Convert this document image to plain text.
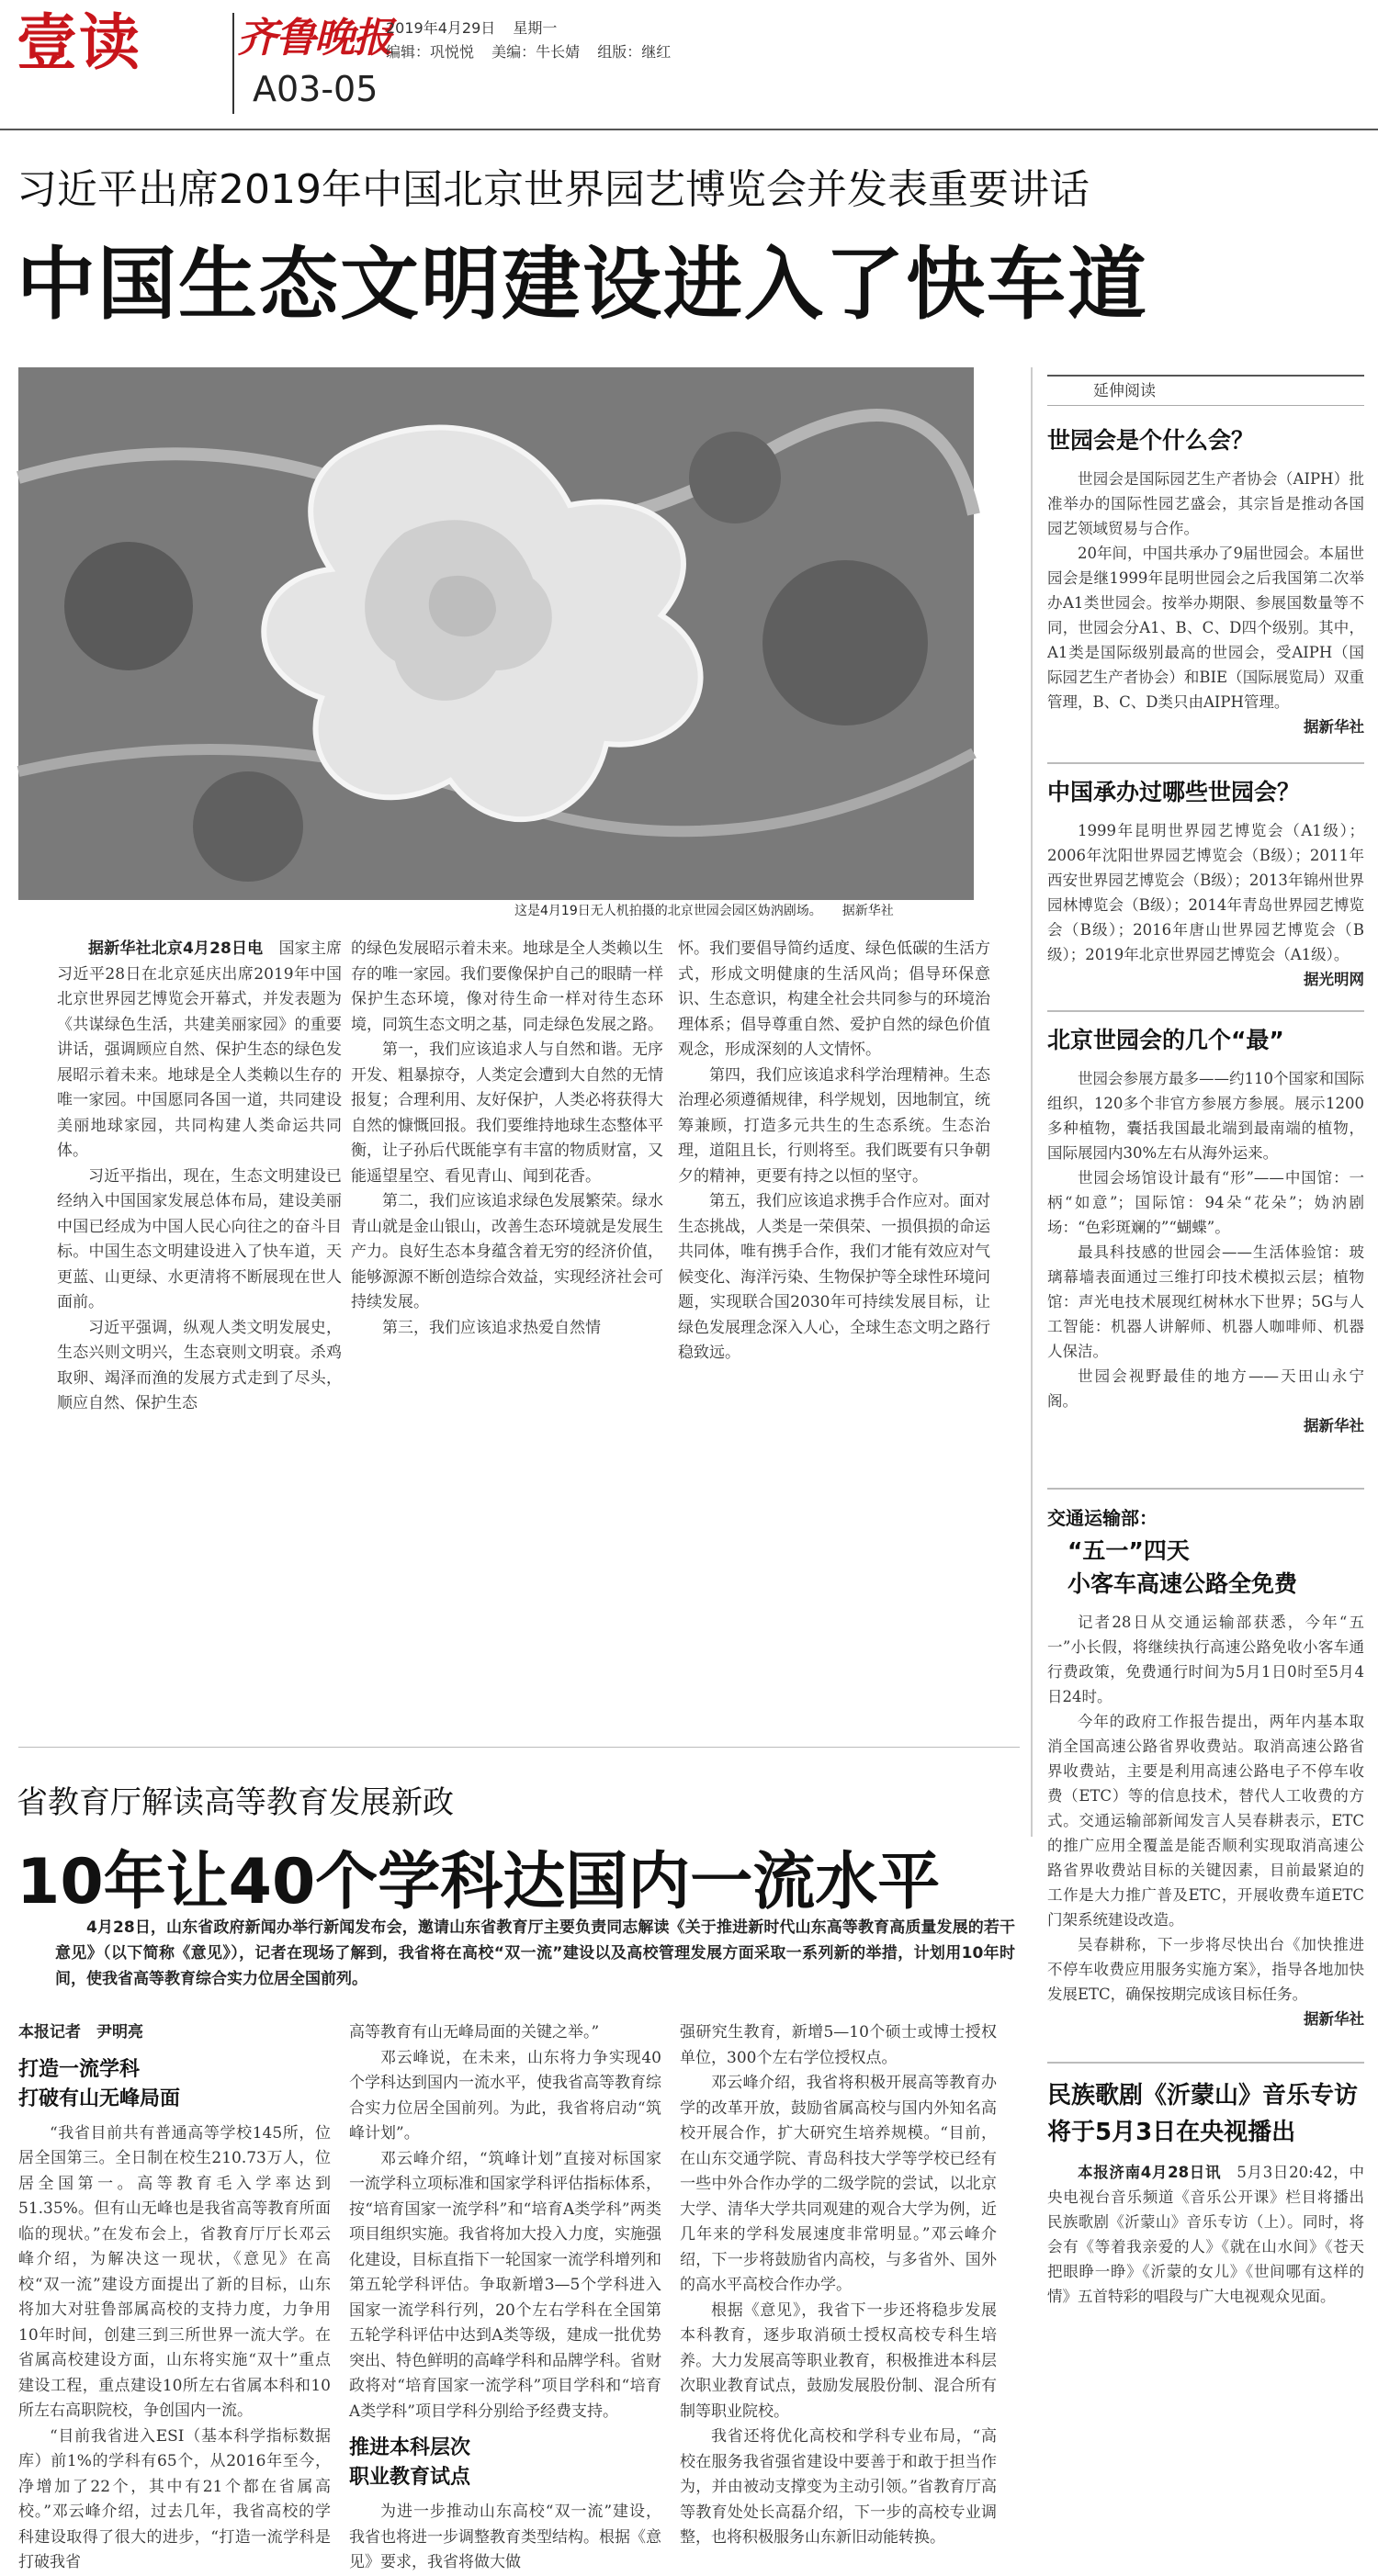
壹读 齐鲁晚报
A03-05
2019年4月29日 星期一
编辑：巩悦悦 美编：牛长婧 组版：继红
习近平出席2019年中国北京世界园艺博览会并发表重要讲话
中国生态文明建设进入了快车道
这是4月19日无人机拍摄的北京世园会园区妫汭剧场。 据新华社

据新华社北京4月28日电　 国家主席习近平28日在北京延庆出席2019年中国北京世界园艺博览会开幕式，并发表题为《共谋绿色生活，共建美丽家园》的重要讲话，强调顾应自然、保护生态的绿色发展昭示着未来。地球是全人类赖以生存的唯一家园。中国愿同各国一道，共同建设美丽地球家园，共同构建人类命运共同体。

习近平指出，现在，生态文明建设已经纳入中国国家发展总体布局，建设美丽中国已经成为中国人民心向往之的奋斗目标。中国生态文明建设进入了快车道，天更蓝、山更绿、水更清将不断展现在世人面前。

习近平强调，纵观人类文明发展史，生态兴则文明兴，生态衰则文明衰。杀鸡取卵、竭泽而渔的发展方式走到了尽头，顺应自然、保护生态

的绿色发展昭示着未来。地球是全人类赖以生存的唯一家园。我们要像保护自己的眼睛一样保护生态环境，像对待生命一样对待生态环境，同筑生态文明之基，同走绿色发展之路。

第一，我们应该追求人与自然和谐。无序开发、粗暴掠夺，人类定会遭到大自然的无情报复；合理利用、友好保护，人类必将获得大自然的慷慨回报。我们要维持地球生态整体平衡，让子孙后代既能享有丰富的物质财富，又能遥望星空、看见青山、闻到花香。

第二，我们应该追求绿色发展繁荣。绿水青山就是金山银山，改善生态环境就是发展生产力。良好生态本身蕴含着无穷的经济价值，能够源源不断创造综合效益，实现经济社会可持续发展。

第三，我们应该追求热爱自然情

怀。我们要倡导简约适度、绿色低碳的生活方式，形成文明健康的生活风尚；倡导环保意识、生态意识，构建全社会共同参与的环境治理体系；倡导尊重自然、爱护自然的绿色价值观念，形成深刻的人文情怀。

第四，我们应该追求科学治理精神。生态治理必须遵循规律，科学规划，因地制宜，统筹兼顾，打造多元共生的生态系统。生态治理，道阻且长，行则将至。我们既要有只争朝夕的精神，更要有持之以恒的坚守。

第五，我们应该追求携手合作应对。面对生态挑战，人类是一荣俱荣、一损俱损的命运共同体，唯有携手合作，我们才能有效应对气候变化、海洋污染、生物保护等全球性环境问题，实现联合国2030年可持续发展目标，让绿色发展理念深入人心，全球生态文明之路行稳致远。

延伸阅读
世园会是个什么会？

世园会是国际园艺生产者协会（AIPH）批准举办的国际性园艺盛会，其宗旨是推动各国园艺领域贸易与合作。

20年间，中国共承办了9届世园会。本届世园会是继1999年昆明世园会之后我国第二次举办A1类世园会。按举办期限、参展国数量等不同，世园会分A1、B、C、D四个级别。其中，A1类是国际级别最高的世园会，受AIPH（国际园艺生产者协会）和BIE（国际展览局）双重管理，B、C、D类只由AIPH管理。

据新华社
中国承办过哪些世园会？

1999年昆明世界园艺博览会（A1级）；2006年沈阳世界园艺博览会（B级）；2011年西安世界园艺博览会（B级）；2013年锦州世界园林博览会（B级）；2014年青岛世界园艺博览会（B级）；2016年唐山世界园艺博览会（B级）；2019年北京世界园艺博览会（A1级）。

据光明网
北京世园会的几个“最”

世园会参展方最多——约110个国家和国际组织，120多个非官方参展方参展。展示1200多种植物，囊括我国最北端到最南端的植物，国际展园内30%左右从海外运来。

世园会场馆设计最有“形”——中国馆：一柄“如意”；国际馆：94朵“花朵”；妫汭剧场：“色彩斑斓的”“蝴蝶”。

最具科技感的世园会——生活体验馆：玻璃幕墙表面通过三维打印技术模拟云层；植物馆：声光电技术展现红树林水下世界；5G与人工智能：机器人讲解师、机器人咖啡师、机器人保洁。

世园会视野最佳的地方——天田山永宁阁。

据新华社
交通运输部：
“五一”四天
小客车高速公路全免费

记者28日从交通运输部获悉，今年“五一”小长假，将继续执行高速公路免收小客车通行费政策，免费通行时间为5月1日0时至5月4日24时。

今年的政府工作报告提出，两年内基本取消全国高速公路省界收费站。取消高速公路省界收费站，主要是利用高速公路电子不停车收费（ETC）等的信息技术，替代人工收费的方式。交通运输部新闻发言人吴春耕表示，ETC的推广应用全覆盖是能否顺利实现取消高速公路省界收费站目标的关键因素，目前最紧迫的工作是大力推广普及ETC，开展收费车道ETC门架系统建设改造。

吴春耕称，下一步将尽快出台《加快推进不停车收费应用服务实施方案》，指导各地加快发展ETC，确保按期完成该目标任务。

据新华社
民族歌剧《沂蒙山》音乐专访
将于5月3日在央视播出

本报济南4月28日讯　 5月3日20:42，中央电视台音乐频道《音乐公开课》栏目将播出民族歌剧《沂蒙山》音乐专访（上）。同时，将会有《等着我亲爱的人》《就在山水间》《苍天把眼睁一睁》《沂蒙的女儿》《世间哪有这样的情》五首特彩的唱段与广大电视观众见面。

省教育厅解读高等教育发展新政
10年让40个学科达国内一流水平
4月28日，山东省政府新闻办举行新闻发布会，邀请山东省教育厅主要负责同志解读《关于推进新时代山东高等教育高质量发展的若干意见》（以下简称《意见》），记者在现场了解到，我省将在高校“双一流”建设以及高校管理发展方面采取一系列新的举措，计划用10年时间，使我省高等教育综合实力位居全国前列。

本报记者　尹明亮

打造一流学科
打破有山无峰局面

“我省目前共有普通高等学校145所，位居全国第三。全日制在校生210.73万人，位居全国第一。高等教育毛入学率达到51.35%。但有山无峰也是我省高等教育所面临的现状。”在发布会上，省教育厅厅长邓云峰介绍，为解决这一现状，《意见》在高校“双一流”建设方面提出了新的目标，山东将加大对驻鲁部属高校的支持力度，力争用10年时间，创建三到三所世界一流大学。在省属高校建设方面，山东将实施“双十”重点建设工程，重点建设10所左右省属本科和10所左右高职院校，争创国内一流。

“目前我省进入ESI（基本科学指标数据库）前1%的学科有65个，从2016年至今，净增加了22个，其中有21个都在省属高校。”邓云峰介绍，过去几年，我省高校的学科建设取得了很大的进步，“打造一流学科是打破我省

高等教育有山无峰局面的关键之举。”

邓云峰说，在未来，山东将力争实现40个学科达到国内一流水平，使我省高等教育综合实力位居全国前列。为此，我省将启动“筑峰计划”。

邓云峰介绍，“筑峰计划”直接对标国家一流学科立项标准和国家学科评估指标体系，按“培育国家一流学科”和“培育A类学科”两类项目组织实施。我省将加大投入力度，实施强化建设，目标直指下一轮国家一流学科增列和第五轮学科评估。争取新增3—5个学科进入国家一流学科行列，20个左右学科在全国第五轮学科评估中达到A类等级，建成一批优势突出、特色鲜明的高峰学科和品牌学科。省财政将对“培育国家一流学科”项目学科和“培育A类学科”项目学科分别给予经费支持。

推进本科层次
职业教育试点

为进一步推动山东高校“双一流”建设，我省也将进一步调整教育类型结构。根据《意见》要求，我省将做大做

强研究生教育，新增5—10个硕士或博士授权单位，300个左右学位授权点。

邓云峰介绍，我省将积极开展高等教育办学的改革开放，鼓励省属高校与国内外知名高校开展合作，扩大研究生培养规模。“目前，在山东交通学院、青岛科技大学等学校已经有一些中外合作办学的二级学院的尝试，以北京大学、清华大学共同观建的观合大学为例，近几年来的学科发展速度非常明显。”邓云峰介绍，下一步将鼓励省内高校，与多省外、国外的高水平高校合作办学。

根据《意见》，我省下一步还将稳步发展本科教育，逐步取消硕士授权高校专科生培养。大力发展高等职业教育，积极推进本科层次职业教育试点，鼓励发展股份制、混合所有制等职业院校。

我省还将优化高校和学科专业布局，“高校在服务我省强省建设中要善于和敢于担当作为，并由被动支撑变为主动引领。”省教育厅高等教育处处长高磊介绍，下一步的高校专业调整，也将积极服务山东新旧动能转换。
